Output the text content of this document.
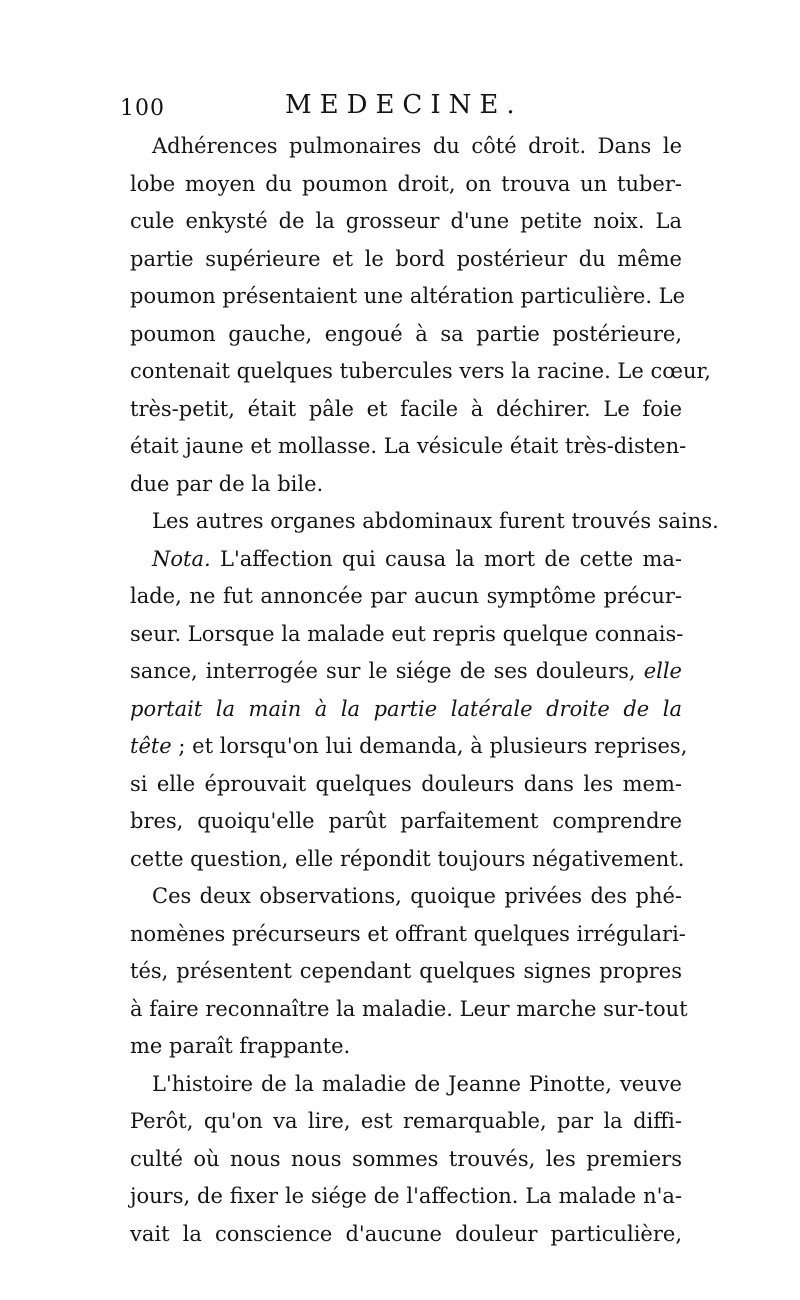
100	MEDECINE.
Adhérences pulmonaires du côté droit. Dans le
lobe moyen du poumon droit, on trouva un tuber-
cule enkysté de la grosseur d'une petite noix. La
partie supérieure et le bord postérieur du même
poumon présentaient une altération particulière. Le
poumon gauche, engoué à sa partie postérieure,
contenait quelques tubercules vers la racine. Le cœur,
très-petit, était pâle et facile à déchirer. Le foie
était jaune et mollasse. La vésicule était très-disten-
due par de la bile.
Les autres organes abdominaux furent trouvés sains.
Nota. L'affection qui causa la mort de cette ma-
lade, ne fut annoncée par aucun symptôme précur-
seur. Lorsque la malade eut repris quelque connais-
sance, interrogée sur le siége de ses douleurs, elle
portait la main à la partie latérale droite de la
tête ; et lorsqu'on lui demanda, à plusieurs reprises,
si elle éprouvait quelques douleurs dans les mem-
bres, quoiqu'elle parût parfaitement comprendre
cette question, elle répondit toujours négativement.
Ces deux observations, quoique privées des phé-
nomènes précurseurs et offrant quelques irrégulari-
tés, présentent cependant quelques signes propres
à faire reconnaître la maladie. Leur marche sur-tout
me paraît frappante.
L'histoire de la maladie de Jeanne Pinotte, veuve
Perôt, qu'on va lire, est remarquable, par la diffi-
culté où nous nous sommes trouvés, les premiers
jours, de fixer le siége de l'affection. La malade n'a-
vait la conscience d'aucune douleur particulière,
